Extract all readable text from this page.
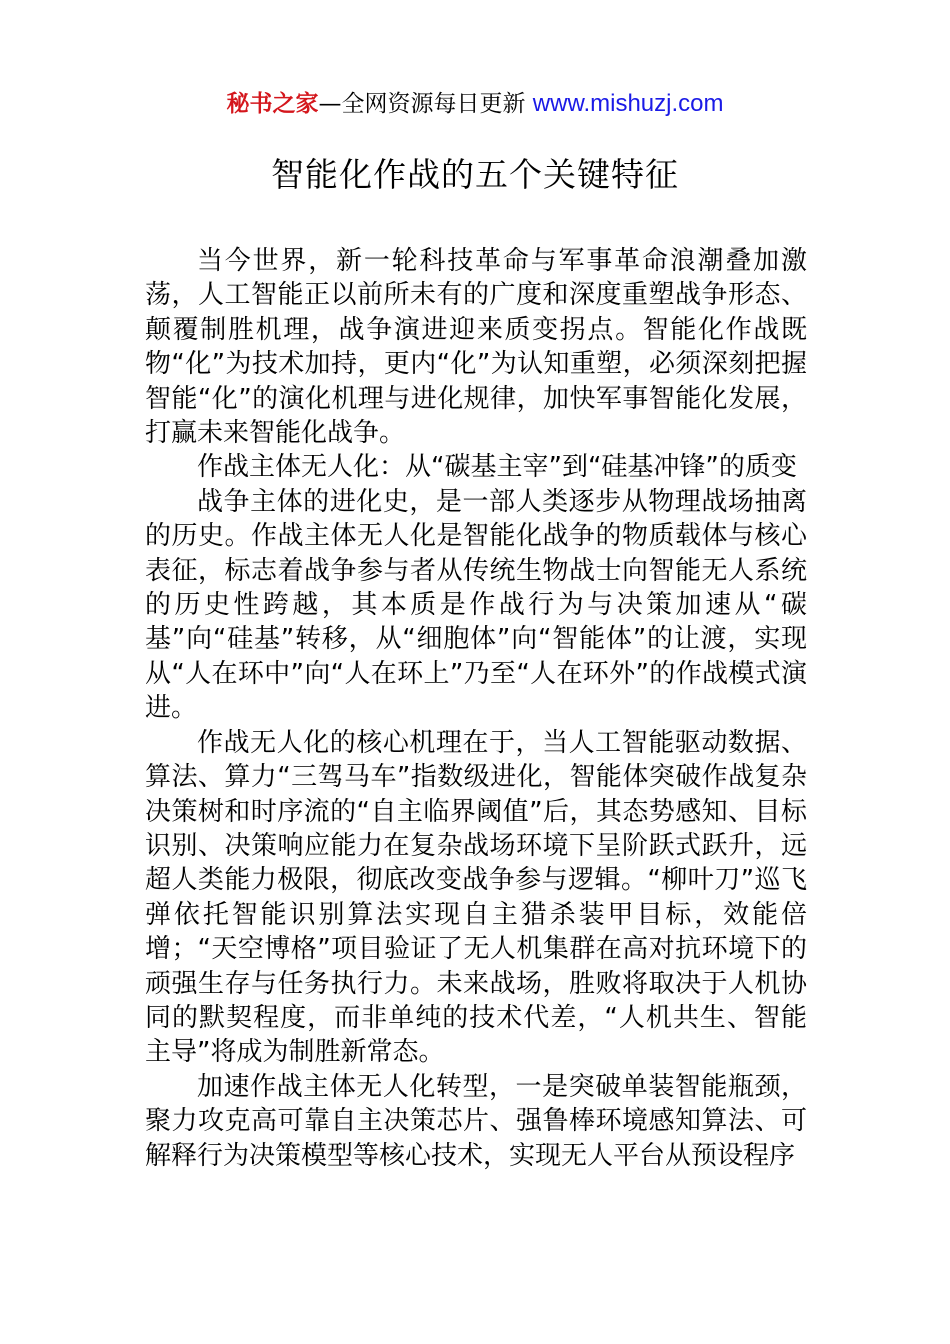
秘书之家—全网资源每日更新 www.mishuzj.com
智能化作战的五个关键特征

当今世界，新一轮科技革命与军事革命浪潮叠加激荡，人工智能正以前所未有的广度和深度重塑战争形态、颠覆制胜机理，战争演进迎来质变拐点。智能化作战既物“化”为技术加持，更内“化”为认知重塑，必须深刻把握智能“化”的演化机理与进化规律，加快军事智能化发展，打赢未来智能化战争。

作战主体无人化：从“碳基主宰”到“硅基冲锋”的质变

战争主体的进化史，是一部人类逐步从物理战场抽离的历史。作战主体无人化是智能化战争的物质载体与核心表征，标志着战争参与者从传统生物战士向智能无人系统的历史性跨越，其本质是作战行为与决策加速从“碳基”向“硅基”转移，从“细胞体”向“智能体”的让渡，实现从“人在环中”向“人在环上”乃至“人在环外”的作战模式演进。

作战无人化的核心机理在于，当人工智能驱动数据、算法、算力“三驾马车”指数级进化，智能体突破作战复杂决策树和时序流的“自主临界阈值”后，其态势感知、目标识别、决策响应能力在复杂战场环境下呈阶跃式跃升，远超人类能力极限，彻底改变战争参与逻辑。“柳叶刀”巡飞弹依托智能识别算法实现自主猎杀装甲目标，效能倍增；“天空博格”项目验证了无人机集群在高对抗环境下的顽强生存与任务执行力。未来战场，胜败将取决于人机协同的默契程度，而非单纯的技术代差，“人机共生、智能主导”将成为制胜新常态。

加速作战主体无人化转型，一是突破单装智能瓶颈，聚力攻克高可靠自主决策芯片、强鲁棒环境感知算法、可解释行为决策模型等核心技术，实现无人平台从预设程序
